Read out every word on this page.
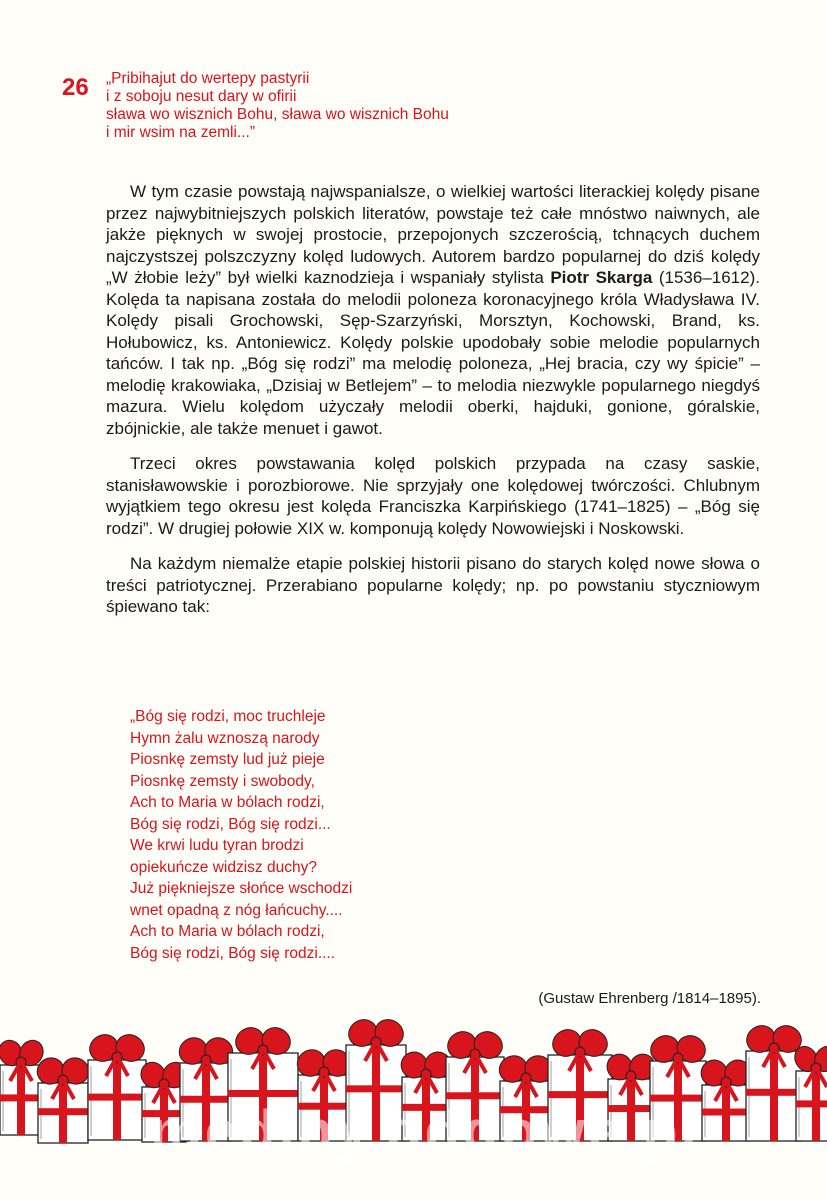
26 „Pribihajut do wertepy pastyrii
i z soboju nesut dary w ofirii
sława wo wisznich Bohu, sława wo wisznich Bohu
i mir wsim na zemli...”

W tym czasie powstają najwspanialsze, o wielkiej wartości literackiej kolędy pisane przez najwybitniejszych polskich literatów, powstaje też całe mnóstwo naiwnych, ale jakże pięknych w swojej prostocie, przepojonych szczerością, tchnących duchem najczystszej polszczyzny kolęd ludowych. Autorem bardzo popularnej do dziś kolędy „W żłobie leży” był wielki kaznodzieja i wspaniały stylista Piotr Skarga (1536–1612). Kolęda ta napisana została do melodii poloneza koronacyjnego króla Władysława IV. Kolędy pisali Grochowski, Sęp-Szarzyński, Morsztyn, Kochowski, Brand, ks. Hołubowicz, ks. Antoniewicz. Kolędy polskie upodobały sobie melodie popularnych tańców. I tak np. „Bóg się rodzi” ma melodię poloneza, „Hej bracia, czy wy śpicie” – melodię krakowiaka, „Dzisiaj w Betlejem” – to melodia niezwykle popularnego niegdyś mazura. Wielu kolędom użyczały melodii oberki, hajduki, gonione, góralskie, zbójnickie, ale także menuet i gawot.

Trzeci okres powstawania kolęd polskich przypada na czasy saskie, stanisławowskie i porozbiorowe. Nie sprzyjały one kolędowej twórczości. Chlubnym wyjątkiem tego okresu jest kolęda Franciszka Karpińskiego (1741–1825) – „Bóg się rodzi”. W drugiej połowie XIX w. komponują kolędy Nowowiejski i Noskowski.

Na każdym niemalże etapie polskiej historii pisano do starych kolęd nowe słowa o treści patriotycznej. Przerabiano popularne kolędy; np. po powstaniu styczniowym śpiewano tak:

„Bóg się rodzi, moc truchleje
Hymn żalu wznoszą narody
Piosnkę zemsty lud już pieje
Piosnkę zemsty i swobody,
Ach to Maria w bólach rodzi,
Bóg się rodzi, Bóg się rodzi...
We krwi ludu tyran brodzi
opiekuńcze widzisz duchy?
Już piękniejsze słońce wschodzi
wnet opadną z nóg łańcuchy....
Ach to Maria w bólach rodzi,
Bóg się rodzi, Bóg się rodzi....
(Gustaw Ehrenberg /1814–1895).
mediny.oddowe.pl
